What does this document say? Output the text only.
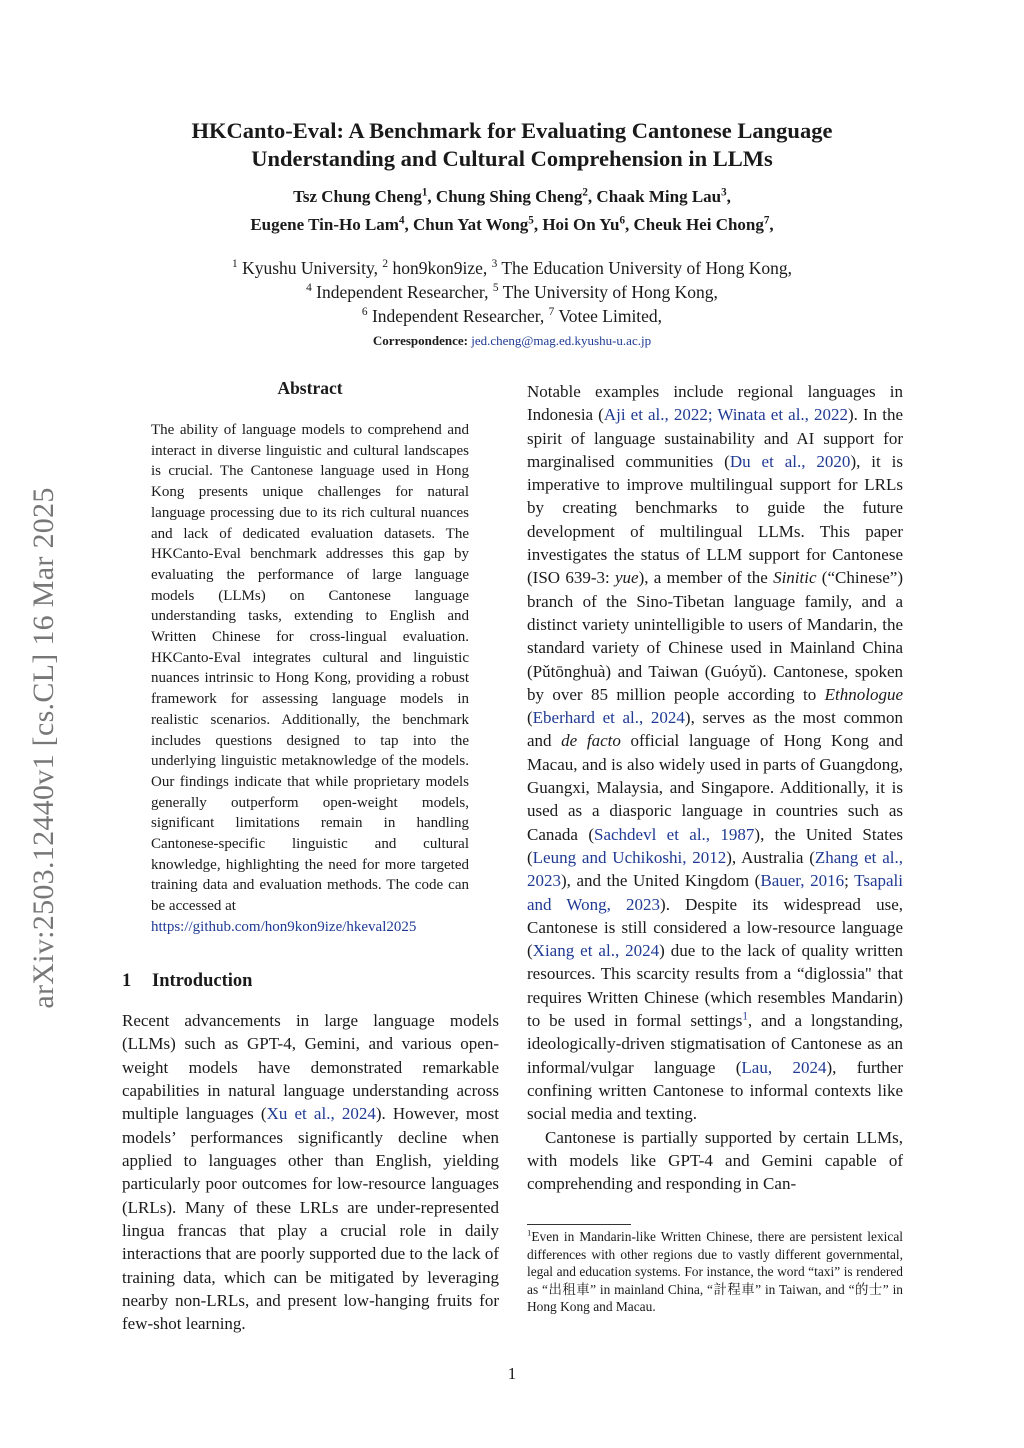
arXiv:2503.12440v1 [cs.CL] 16 Mar 2025
HKCanto-Eval: A Benchmark for Evaluating Cantonese Language
Understanding and Cultural Comprehension in LLMs
Tsz Chung Cheng$^1$, Chung Shing Cheng$^2$, Chaak Ming Lau$^3$,
Eugene Tin-Ho Lam$^4$, Chun Yat Wong$^5$, Hoi On Yu$^6$, Cheuk Hei Chong$^7$,
$^1$ Kyushu University, $^2$ hon9kon9ize, $^3$ The Education University of Hong Kong,
$^4$ Independent Researcher, $^5$ The University of Hong Kong,
$^6$ Independent Researcher, $^7$ Votee Limited,
Correspondence: jed.cheng@mag.ed.kyushu-u.ac.jp
Abstract

The ability of language models to comprehend and interact in diverse linguistic and cultural landscapes is crucial. The Cantonese language used in Hong Kong presents unique challenges for natural language processing due to its rich cultural nuances and lack of dedicated evaluation datasets. The HKCanto-Eval benchmark addresses this gap by evaluating the performance of large language models (LLMs) on Cantonese language understanding tasks, extending to English and Written Chinese for cross-lingual evaluation. HKCanto-Eval integrates cultural and linguistic nuances intrinsic to Hong Kong, providing a robust framework for assessing language models in realistic scenarios. Additionally, the benchmark includes questions designed to tap into the underlying linguistic metaknowledge of the models. Our findings indicate that while proprietary models generally outperform open-weight models, significant limitations remain in handling Cantonese-specific linguistic and cultural knowledge, highlighting the need for more targeted training data and evaluation methods. The code can be accessed at
https://github.com/hon9kon9ize/hkeval2025

1 Introduction

Recent advancements in large language models (LLMs) such as GPT-4, Gemini, and various open-weight models have demonstrated remarkable capabilities in natural language understanding across multiple languages (Xu et al., 2024). However, most models’ performances significantly decline when applied to languages other than English, yielding particularly poor outcomes for low-resource languages (LRLs). Many of these LRLs are under-represented lingua francas that play a crucial role in daily interactions that are poorly supported due to the lack of training data, which can be mitigated by leveraging nearby non-LRLs, and present low-hanging fruits for few-shot learning.

Notable examples include regional languages in Indonesia (Aji et al., 2022; Winata et al., 2022). In the spirit of language sustainability and AI support for marginalised communities (Du et al., 2020), it is imperative to improve multilingual support for LRLs by creating benchmarks to guide the future development of multilingual LLMs. This paper investigates the status of LLM support for Cantonese (ISO 639-3: yue), a member of the Sinitic (“Chinese”) branch of the Sino-Tibetan language family, and a distinct variety unintelligible to users of Mandarin, the standard variety of Chinese used in Mainland China (Pǔtōnghuà) and Taiwan (Guóyǔ). Cantonese, spoken by over 85 million people according to Ethnologue (Eberhard et al., 2024), serves as the most common and de facto official language of Hong Kong and Macau, and is also widely used in parts of Guangdong, Guangxi, Malaysia, and Singapore. Additionally, it is used as a diasporic language in countries such as Canada (Sachdevl et al., 1987), the United States (Leung and Uchikoshi, 2012), Australia (Zhang et al., 2023), and the United Kingdom (Bauer, 2016; Tsapali and Wong, 2023). Despite its widespread use, Cantonese is still considered a low-resource language (Xiang et al., 2024) due to the lack of quality written resources. This scarcity results from a “diglossia" that requires Written Chinese (which resembles Mandarin) to be used in formal settings$^1$, and a longstanding, ideologically-driven stigmatisation of Cantonese as an informal/vulgar language (Lau, 2024), further confining written Cantonese to informal contexts like social media and texting.

Cantonese is partially supported by certain LLMs, with models like GPT-4 and Gemini capable of comprehending and responding in Can-

$^1$Even in Mandarin-like Written Chinese, there are persistent lexical differences with other regions due to vastly different governmental, legal and education systems. For instance, the word “taxi” is rendered as “出租車” in mainland China, “計程車” in Taiwan, and “的士” in Hong Kong and Macau.

1
